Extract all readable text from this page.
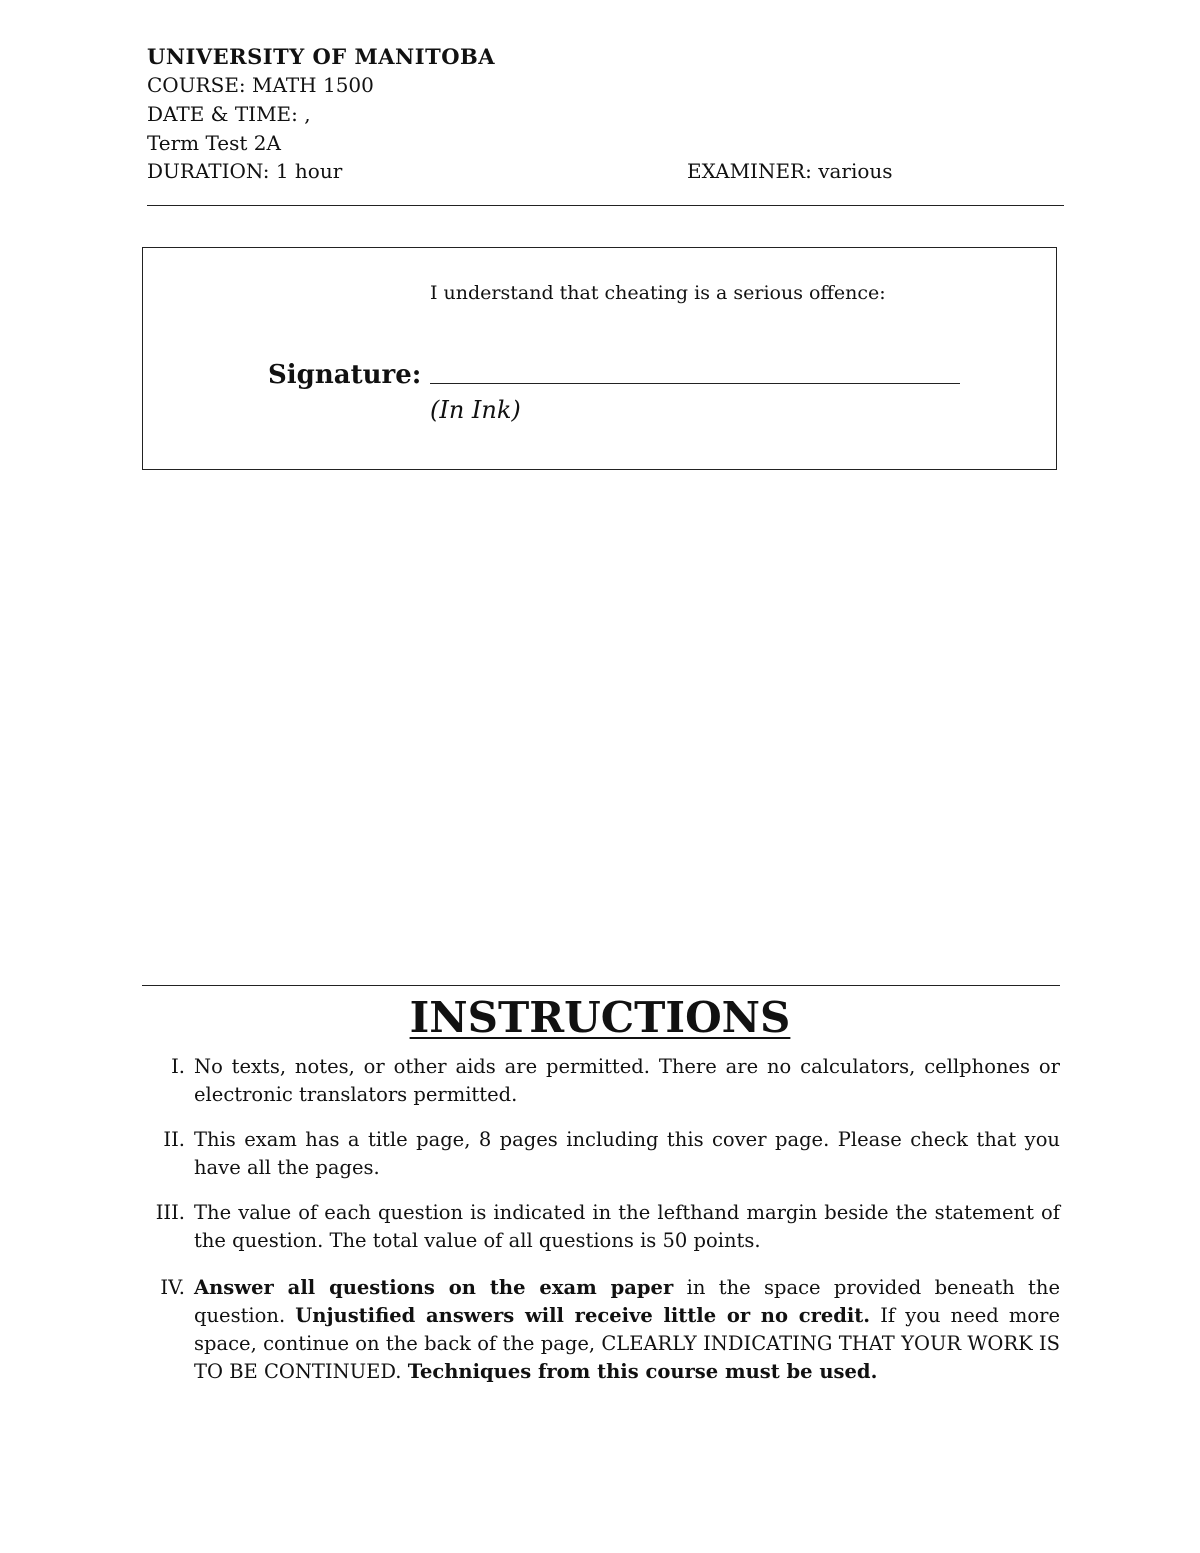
UNIVERSITY OF MANITOBA
COURSE: MATH 1500
DATE & TIME: ,
Term Test 2A
DURATION: 1 hour	EXAMINER: various
I understand that cheating is a serious offence:
Signature:
(In Ink)
INSTRUCTIONS
I. No texts, notes, or other aids are permitted. There are no calculators, cellphones or electronic translators permitted.
II. This exam has a title page, 8 pages including this cover page. Please check that you have all the pages.
III. The value of each question is indicated in the lefthand margin beside the statement of the question. The total value of all questions is 50 points.
IV. Answer all questions on the exam paper in the space provided beneath the question. Unjustified answers will receive little or no credit. If you need more space, continue on the back of the page, CLEARLY INDICATING THAT YOUR WORK IS TO BE CONTINUED. Techniques from this course must be used.
